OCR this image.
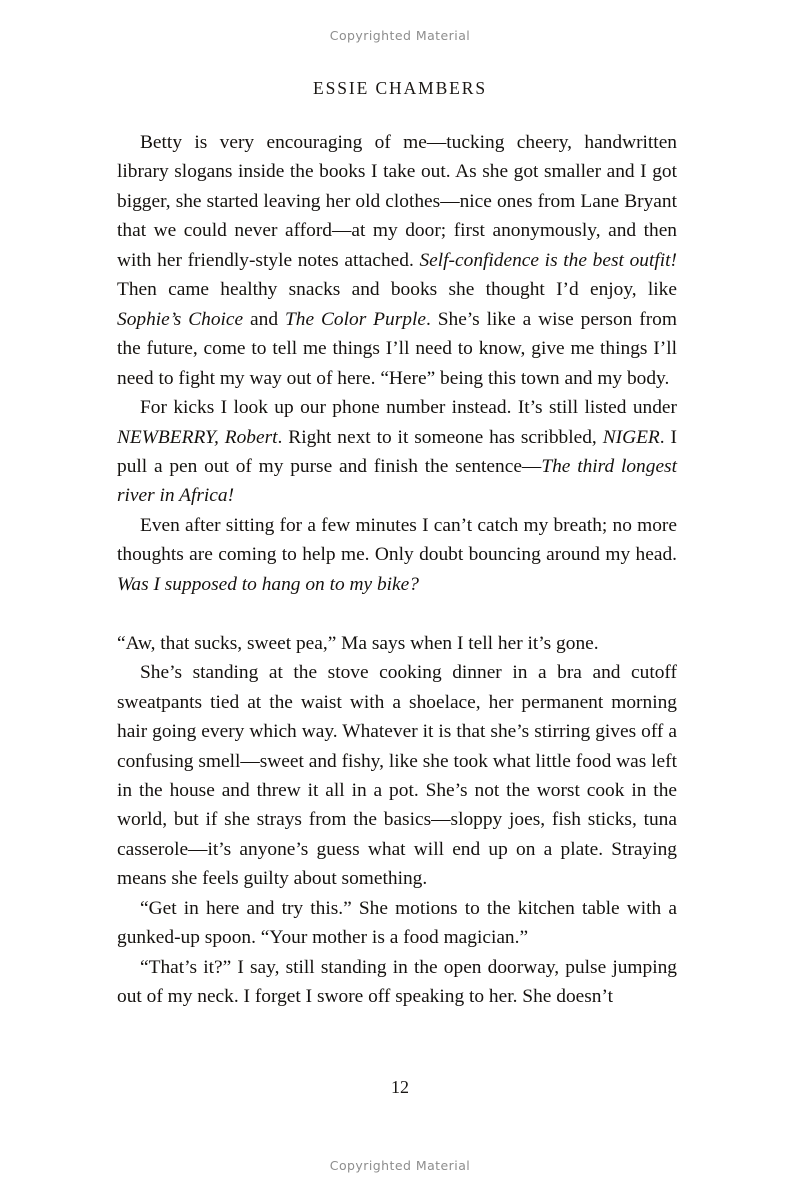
Copyrighted Material
ESSIE CHAMBERS

Betty is very encouraging of me—tucking cheery, handwritten library slogans inside the books I take out. As she got smaller and I got bigger, she started leaving her old clothes—nice ones from Lane Bryant that we could never afford—at my door; first anonymously, and then with her friendly-style notes attached. Self-confidence is the best outfit! Then came healthy snacks and books she thought I’d enjoy, like Sophie’s Choice and The Color Purple. She’s like a wise person from the future, come to tell me things I’ll need to know, give me things I’ll need to fight my way out of here. “Here” being this town and my body.

For kicks I look up our phone number instead. It’s still listed under NEWBERRY, Robert. Right next to it someone has scribbled, NIGER. I pull a pen out of my purse and finish the sentence—The third longest river in Africa!

Even after sitting for a few minutes I can’t catch my breath; no more thoughts are coming to help me. Only doubt bouncing around my head. Was I supposed to hang on to my bike?

“Aw, that sucks, sweet pea,” Ma says when I tell her it’s gone.

She’s standing at the stove cooking dinner in a bra and cutoff sweatpants tied at the waist with a shoelace, her permanent morning hair going every which way. Whatever it is that she’s stirring gives off a confusing smell—sweet and fishy, like she took what little food was left in the house and threw it all in a pot. She’s not the worst cook in the world, but if she strays from the basics—sloppy joes, fish sticks, tuna casserole—it’s anyone’s guess what will end up on a plate. Straying means she feels guilty about something.

“Get in here and try this.” She motions to the kitchen table with a gunked-up spoon. “Your mother is a food magician.”

“That’s it?” I say, still standing in the open doorway, pulse jumping out of my neck. I forget I swore off speaking to her. She doesn’t

12
Copyrighted Material
